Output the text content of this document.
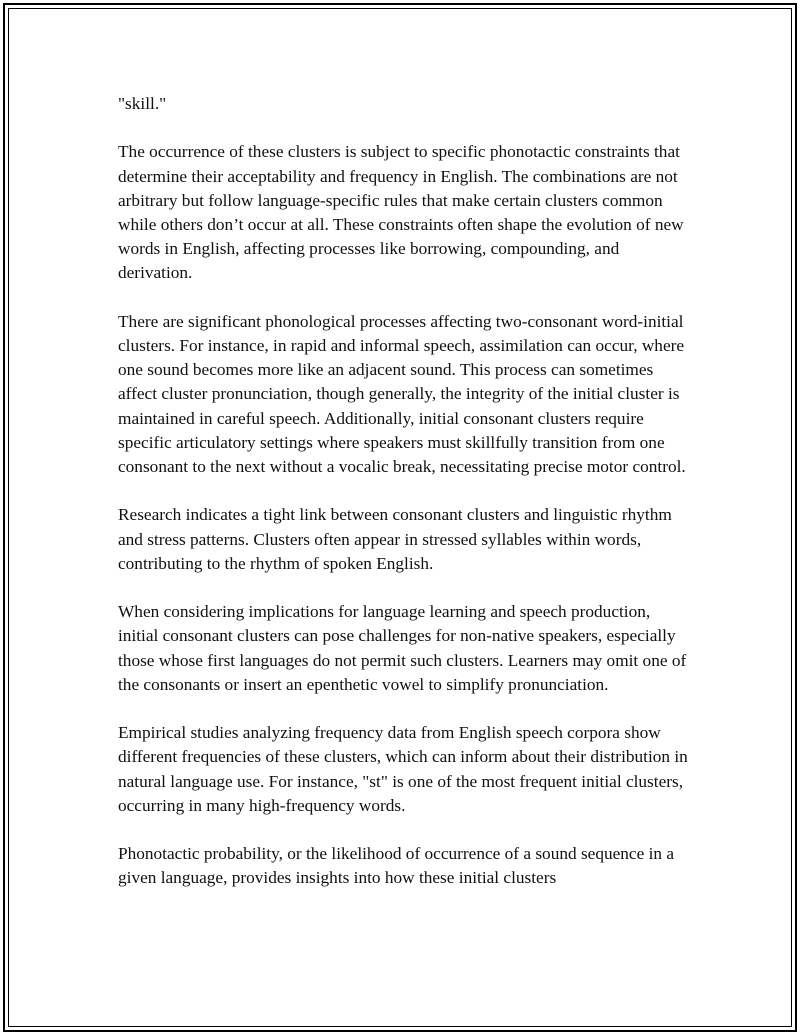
"skill."

The occurrence of these clusters is subject to specific phonotactic constraints that determine their acceptability and frequency in English. The combinations are not arbitrary but follow language-specific rules that make certain clusters common while others don’t occur at all. These constraints often shape the evolution of new words in English, affecting processes like borrowing, compounding, and derivation.

There are significant phonological processes affecting two-consonant word-initial clusters. For instance, in rapid and informal speech, assimilation can occur, where one sound becomes more like an adjacent sound. This process can sometimes affect cluster pronunciation, though generally, the integrity of the initial cluster is maintained in careful speech. Additionally, initial consonant clusters require specific articulatory settings where speakers must skillfully transition from one consonant to the next without a vocalic break, necessitating precise motor control.

Research indicates a tight link between consonant clusters and linguistic rhythm and stress patterns. Clusters often appear in stressed syllables within words, contributing to the rhythm of spoken English.

When considering implications for language learning and speech production, initial consonant clusters can pose challenges for non-native speakers, especially those whose first languages do not permit such clusters. Learners may omit one of the consonants or insert an epenthetic vowel to simplify pronunciation.

Empirical studies analyzing frequency data from English speech corpora show different frequencies of these clusters, which can inform about their distribution in natural language use. For instance, "st" is one of the most frequent initial clusters, occurring in many high-frequency words.

Phonotactic probability, or the likelihood of occurrence of a sound sequence in a given language, provides insights into how these initial clusters
